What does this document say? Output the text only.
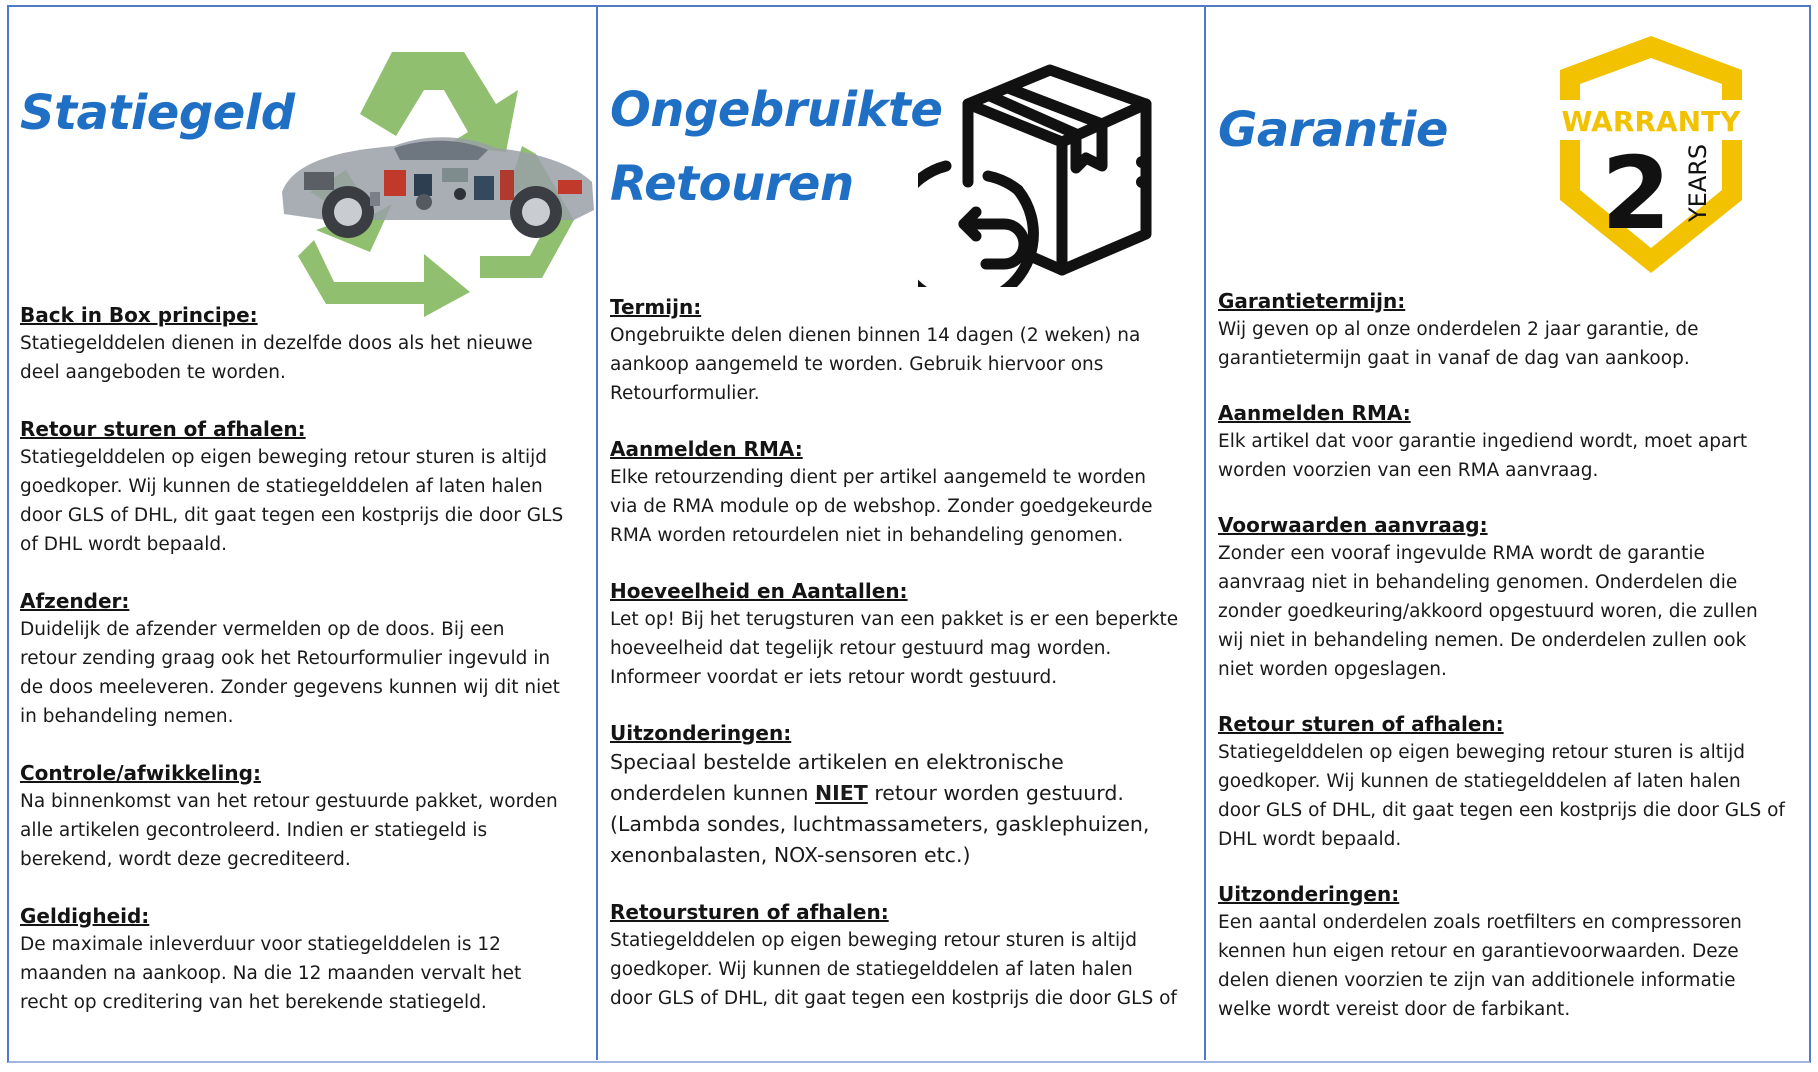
Statiegeld
Back in Box principe:

Statiegelddelen dienen in dezelfde doos als het nieuwe
deel aangeboden te worden.

Retour sturen of afhalen:

Statiegelddelen op eigen beweging retour sturen is altijd
goedkoper. Wij kunnen de statiegelddelen af laten halen
door GLS of DHL, dit gaat tegen een kostprijs die door GLS
of DHL wordt bepaald.

Afzender:

Duidelijk de afzender vermelden op de doos. Bij een
retour zending graag ook het Retourformulier ingevuld in
de doos meeleveren. Zonder gegevens kunnen wij dit niet
in behandeling nemen.

Controle/afwikkeling:

Na binnenkomst van het retour gestuurde pakket, worden
alle artikelen gecontroleerd. Indien er statiegeld is
berekend, wordt deze gecrediteerd.

Geldigheid:

De maximale inleverduur voor statiegelddelen is 12
maanden na aankoop. Na die 12 maanden vervalt het
recht op creditering van het berekende statiegeld.

Ongebruikte
Retouren
Termijn:

Ongebruikte delen dienen binnen 14 dagen (2 weken) na
aankoop aangemeld te worden. Gebruik hiervoor ons
Retourformulier.

Aanmelden RMA:

Elke retourzending dient per artikel aangemeld te worden
via de RMA module op de webshop. Zonder goedgekeurde
RMA worden retourdelen niet in behandeling genomen.

Hoeveelheid en Aantallen:

Let op! Bij het terugsturen van een pakket is er een beperkte
hoeveelheid dat tegelijk retour gestuurd mag worden.
Informeer voordat er iets retour wordt gestuurd.

Uitzonderingen:

Speciaal bestelde artikelen en elektronische
onderdelen kunnen NIET retour worden gestuurd.
(Lambda sondes, luchtmassameters, gasklephuizen,
xenonbalasten, NOX-sensoren etc.)

Retoursturen of afhalen:

Statiegelddelen op eigen beweging retour sturen is altijd
goedkoper. Wij kunnen de statiegelddelen af laten halen
door GLS of DHL, dit gaat tegen een kostprijs die door GLS of

Garantie	WARRANTY
2 YEARS
Garantietermijn:

Wij geven op al onze onderdelen 2 jaar garantie, de
garantietermijn gaat in vanaf de dag van aankoop.

Aanmelden RMA:

Elk artikel dat voor garantie ingediend wordt, moet apart
worden voorzien van een RMA aanvraag.

Voorwaarden aanvraag:

Zonder een vooraf ingevulde RMA wordt de garantie
aanvraag niet in behandeling genomen. Onderdelen die
zonder goedkeuring/akkoord opgestuurd woren, die zullen
wij niet in behandeling nemen. De onderdelen zullen ook
niet worden opgeslagen.

Retour sturen of afhalen:

Statiegelddelen op eigen beweging retour sturen is altijd
goedkoper. Wij kunnen de statiegelddelen af laten halen
door GLS of DHL, dit gaat tegen een kostprijs die door GLS of
DHL wordt bepaald.

Uitzonderingen:

Een aantal onderdelen zoals roetfilters en compressoren
kennen hun eigen retour en garantievoorwaarden. Deze
delen dienen voorzien te zijn van additionele informatie
welke wordt vereist door de farbikant.
